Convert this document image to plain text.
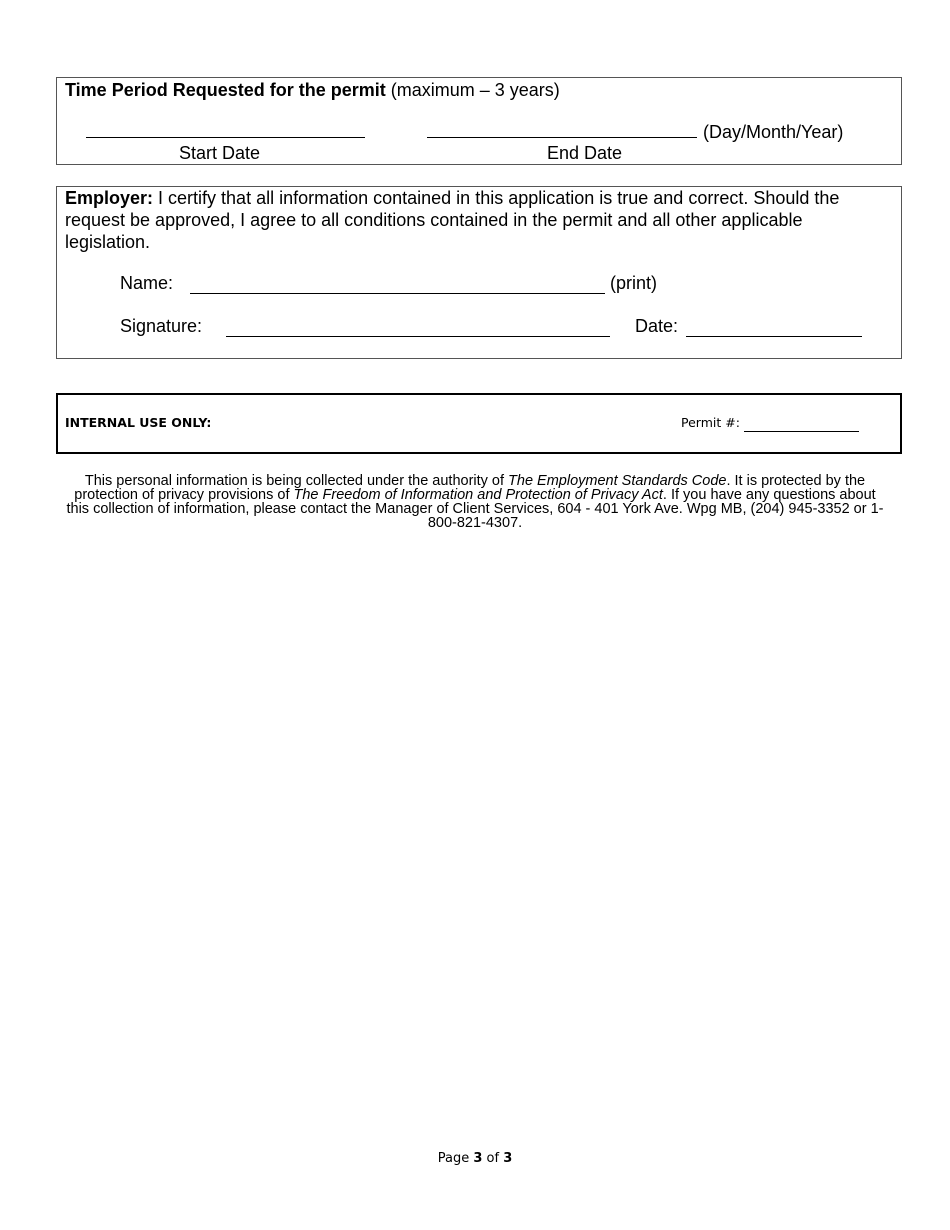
Time Period Requested for the permit (maximum – 3 years)
(Day/Month/Year)
Start Date	End Date
Employer: I certify that all information contained in this application is true and correct. Should the request be approved, I agree to all conditions contained in the permit and all other applicable legislation.
Name:	(print)
Signature:	Date:
INTERNAL USE ONLY:	Permit #:
This personal information is being collected under the authority of The Employment Standards Code. It is protected by the protection of privacy provisions of The Freedom of Information and Protection of Privacy Act. If you have any questions about this collection of information, please contact the Manager of Client Services, 604 - 401 York Ave. Wpg MB, (204) 945-3352 or 1-800-821-4307.
Page 3 of 3
